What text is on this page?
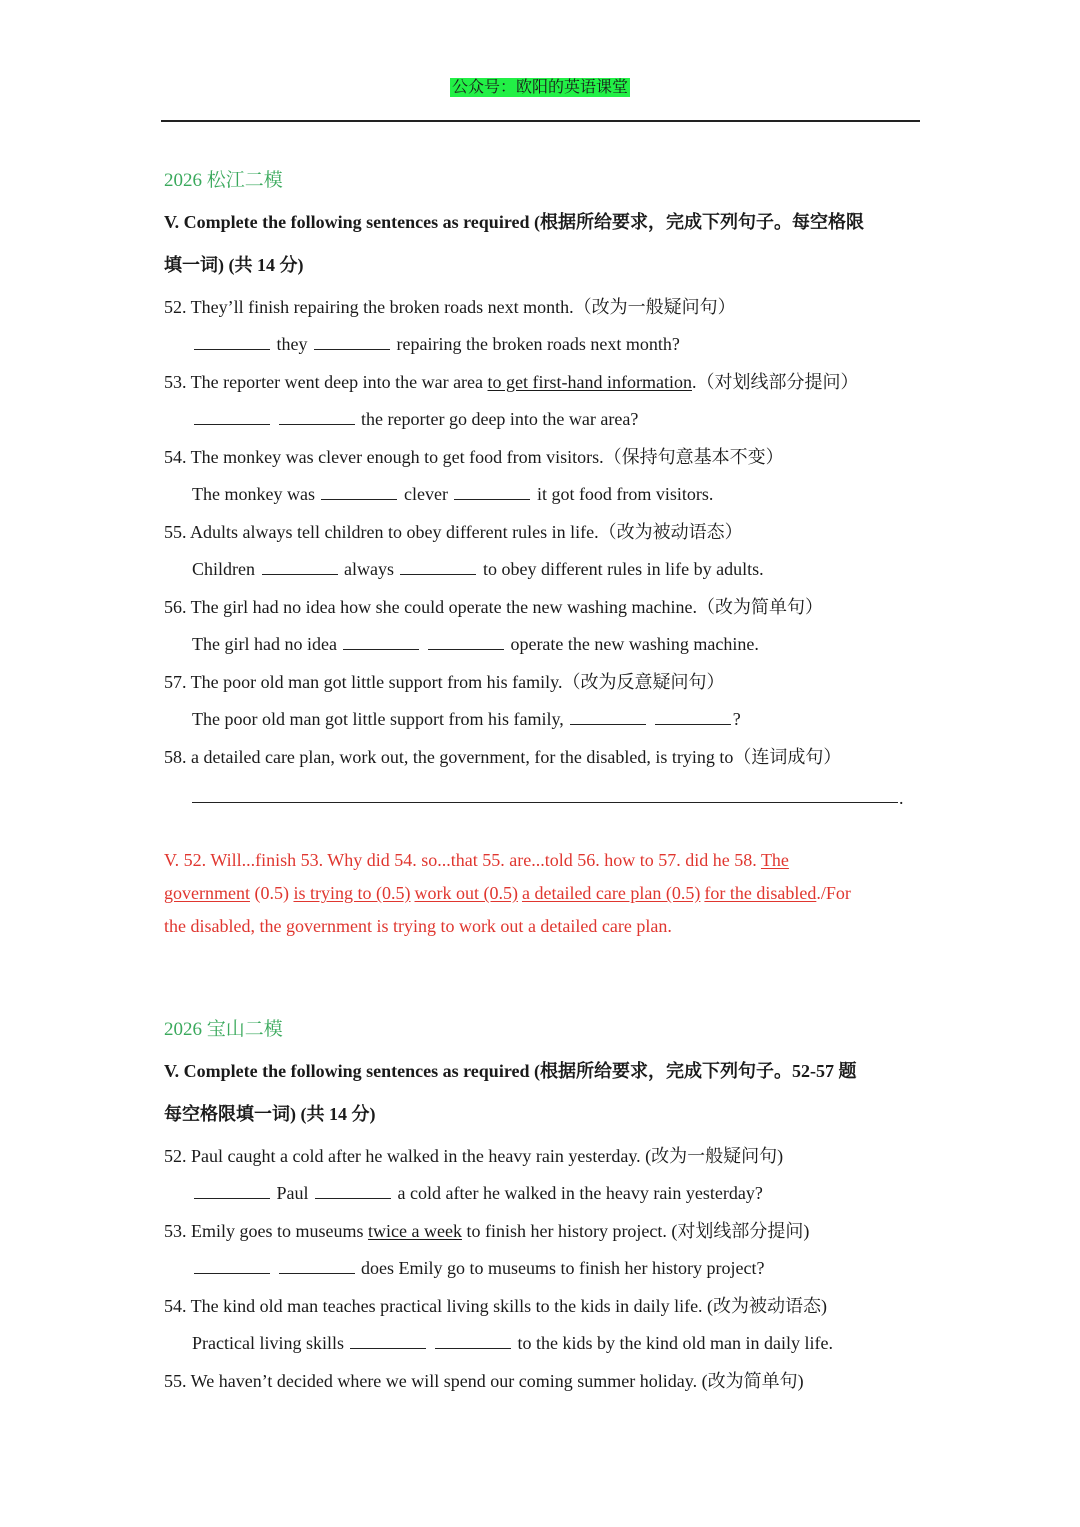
公众号：欧阳的英语课堂
2026 松江二模
V. Complete the following sentences as required (根据所给要求，完成下列句子。每空格限
填一词) (共 14 分)
52. They’ll finish repairing the broken roads next month.（改为一般疑问句）
they	repairing the broken roads next month?
53. The reporter went deep into the war area to get first-hand information.（对划线部分提问）
the reporter go deep into the war area?
54. The monkey was clever enough to get food from visitors.（保持句意基本不变）
The monkey was	clever	it got food from visitors.
55. Adults always tell children to obey different rules in life.（改为被动语态）
Children	always	to obey different rules in life by adults.
56. The girl had no idea how she could operate the new washing machine.（改为简单句）
The girl had no idea	operate the new washing machine.
57. The poor old man got little support from his family.（改为反意疑问句）
The poor old man got little support from his family,	?
58. a detailed care plan, work out, the government, for the disabled, is trying to（连词成句）
.
V. 52. Will...finish 53. Why did 54. so...that 55. are...told 56. how to 57. did he 58. The
government (0.5) is trying to (0.5) work out (0.5) a detailed care plan (0.5) for the disabled./For
the disabled, the government is trying to work out a detailed care plan.
2026 宝山二模
V. Complete the following sentences as required (根据所给要求，完成下列句子。52-57 题
每空格限填一词) (共 14 分)
52. Paul caught a cold after he walked in the heavy rain yesterday. (改为一般疑问句)
Paul	a cold after he walked in the heavy rain yesterday?
53. Emily goes to museums twice a week to finish her history project. (对划线部分提问)
does Emily go to museums to finish her history project?
54. The kind old man teaches practical living skills to the kids in daily life. (改为被动语态)
Practical living skills	to the kids by the kind old man in daily life.
55. We haven’t decided where we will spend our coming summer holiday. (改为简单句)
